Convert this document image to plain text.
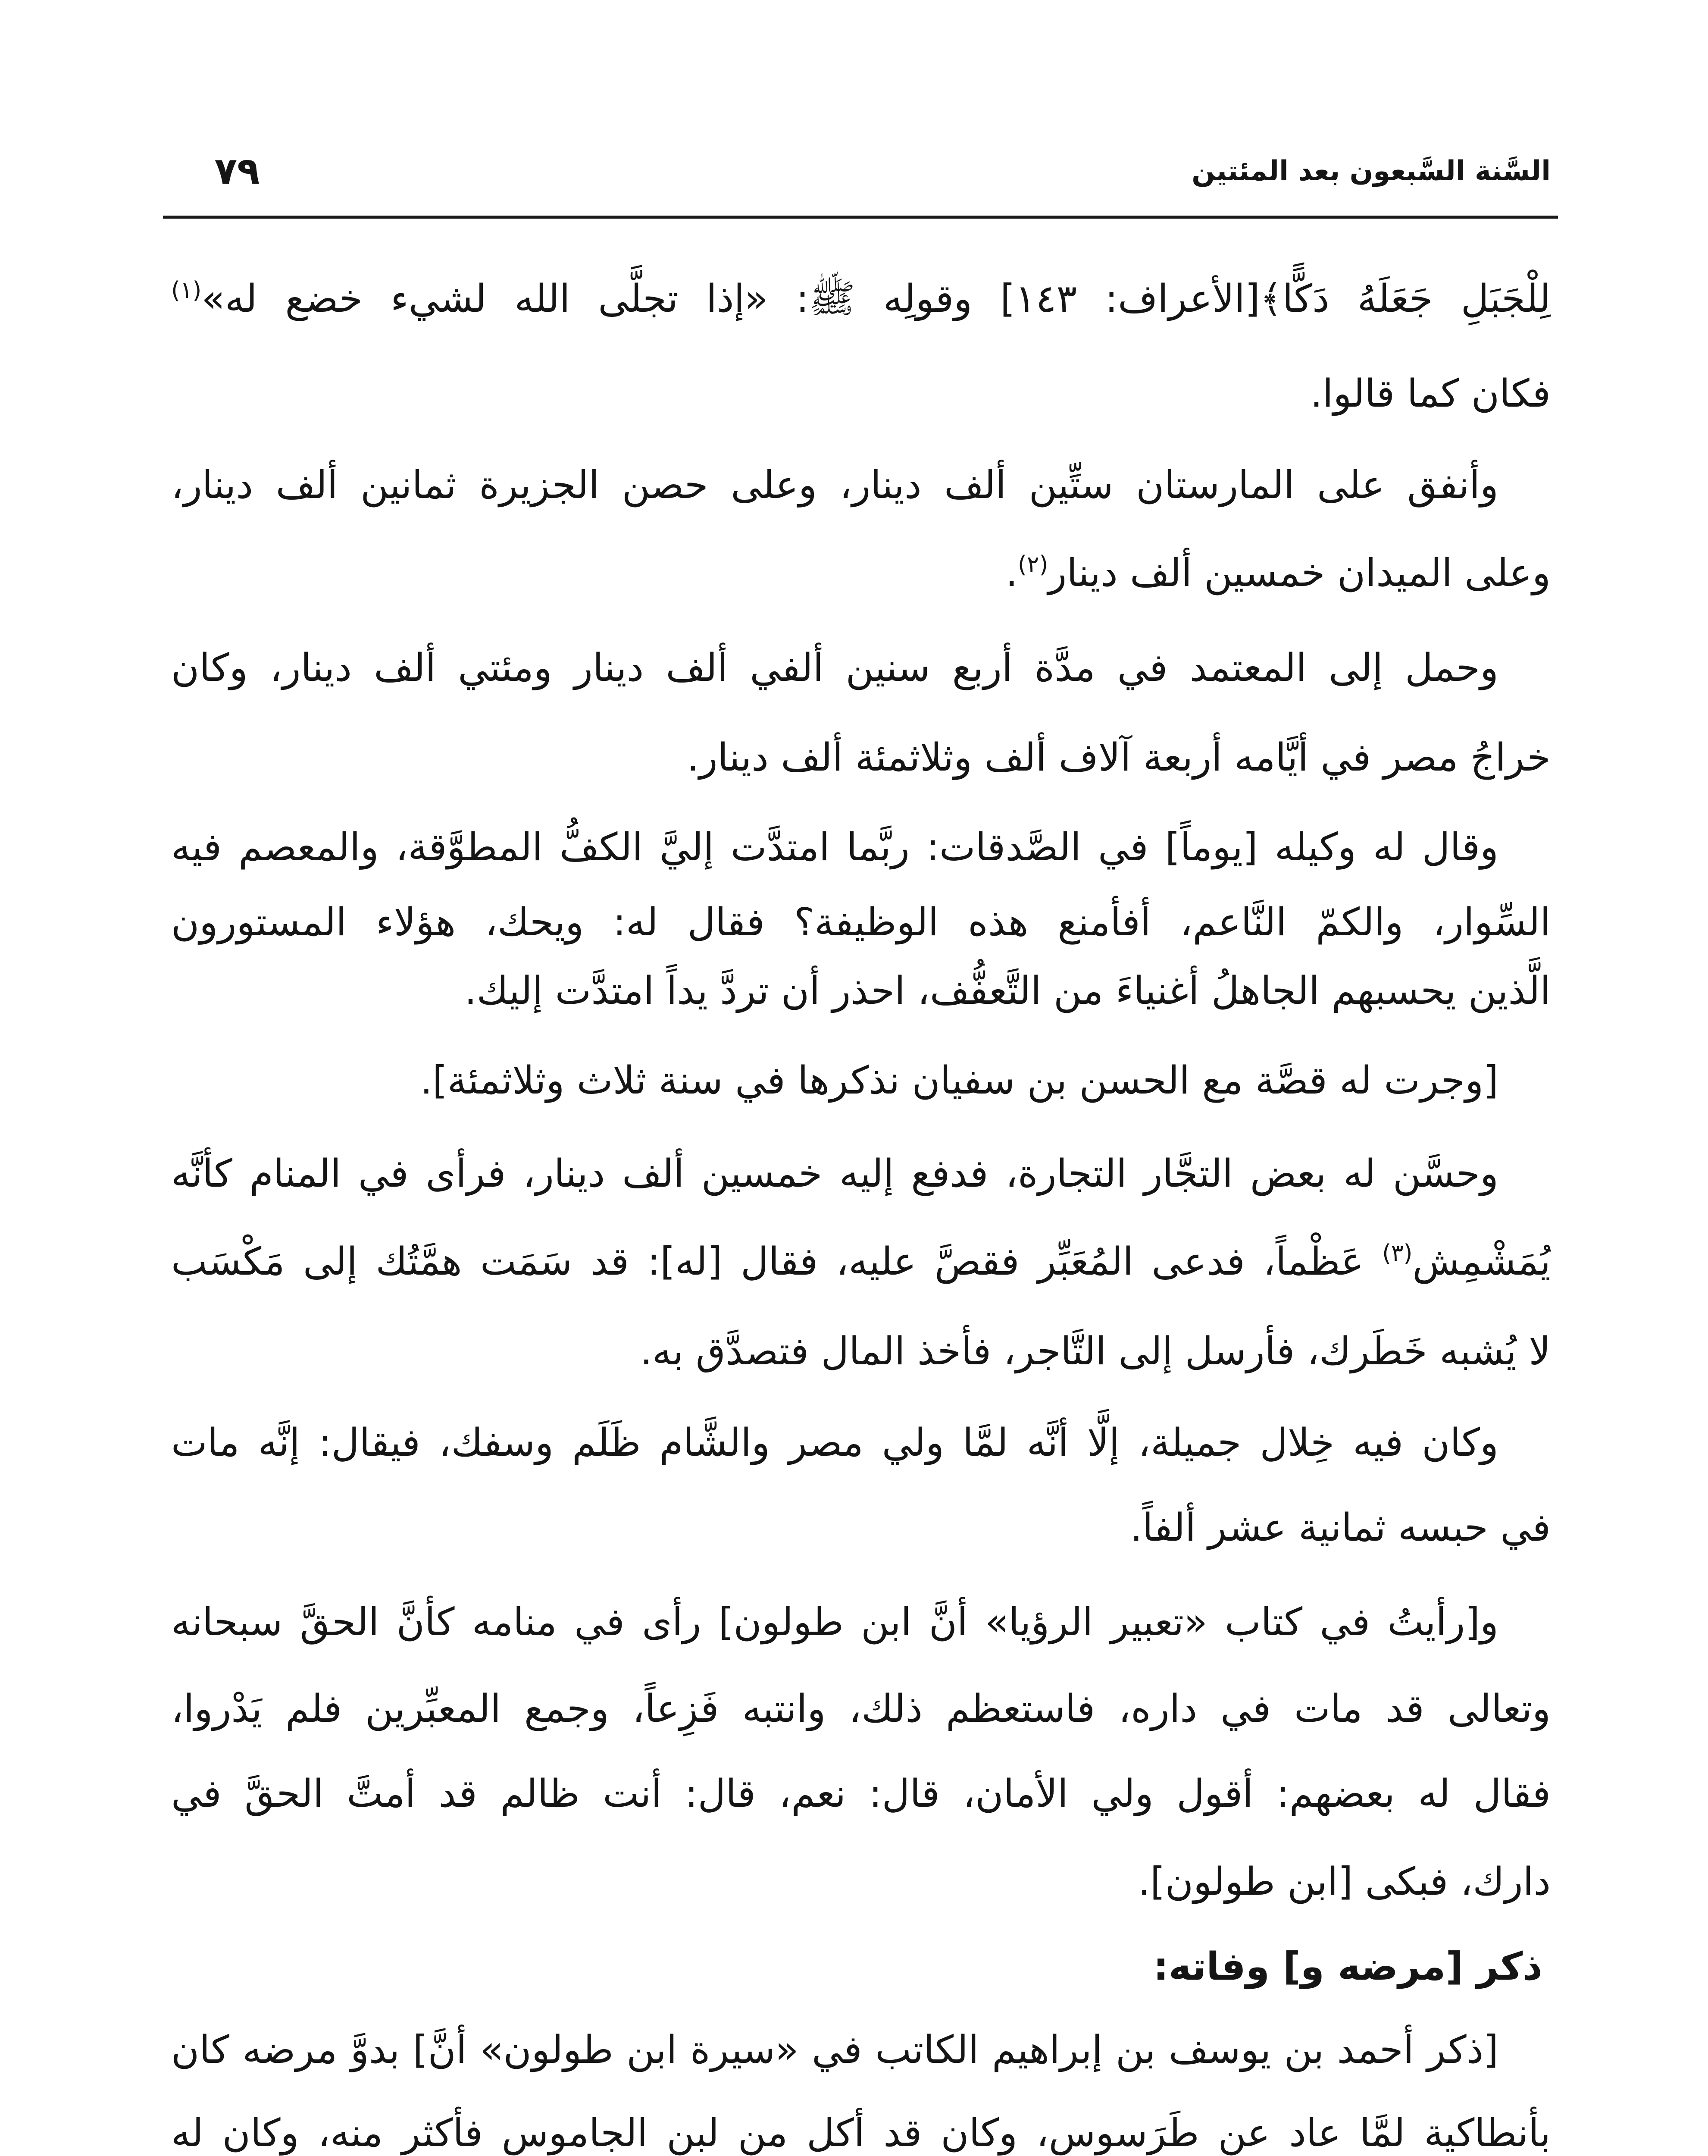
السَّنة السَّبعون بعد المئتين
٧٩
لِلْجَبَلِ جَعَلَهُ دَكًّا﴾[الأعراف: ١٤٣] وقولِه ﷺ: «إذا تجلَّى الله لشيء خضع له»$^{(١)}$
فكان كما قالوا.
وأنفق على المارستان ستِّين ألف دينار، وعلى حصن الجزيرة ثمانين ألف دينار،
وعلى الميدان خمسين ألف دينار$^{(٢)}$.
وحمل إلى المعتمد في مدَّة أربع سنين ألفي ألف دينار ومئتي ألف دينار، وكان
خراجُ مصر في أيَّامه أربعة آلاف ألف وثلاثمئة ألف دينار.
وقال له وكيله [يوماً] في الصَّدقات: ربَّما امتدَّت إليَّ الكفُّ المطوَّقة، والمعصم فيه
السِّوار، والكمّ النَّاعم، أفأمنع هذه الوظيفة؟ فقال له: ويحك، هؤلاء المستورون
الَّذين يحسبهم الجاهلُ أغنياءَ من التَّعفُّف، احذر أن تردَّ يداً امتدَّت إليك.
[وجرت له قصَّة مع الحسن بن سفيان نذكرها في سنة ثلاث وثلاثمئة].
وحسَّن له بعض التجَّار التجارة، فدفع إليه خمسين ألف دينار، فرأى في المنام كأنَّه
يُمَشْمِش$^{(٣)}$ عَظْماً، فدعى المُعَبِّر فقصَّ عليه، فقال [له]: قد سَمَت همَّتُك إلى مَكْسَب
لا يُشبه خَطَرك، فأرسل إلى التَّاجر، فأخذ المال فتصدَّق به.
وكان فيه خِلال جميلة، إلَّا أنَّه لمَّا ولي مصر والشَّام ظَلَم وسفك، فيقال: إنَّه مات
في حبسه ثمانية عشر ألفاً.
و[رأيتُ في كتاب «تعبير الرؤيا» أنَّ ابن طولون] رأى في منامه كأنَّ الحقَّ سبحانه
وتعالى قد مات في داره، فاستعظم ذلك، وانتبه فَزِعاً، وجمع المعبِّرين فلم يَدْروا،
فقال له بعضهم: أقول ولي الأمان، قال: نعم، قال: أنت ظالم قد أمتَّ الحقَّ في
دارك، فبكى [ابن طولون].
ذكر [مرضه و] وفاته:
[ذكر أحمد بن يوسف بن إبراهيم الكاتب في «سيرة ابن طولون» أنَّ] بدوَّ مرضه كان
بأنطاكية لمَّا عاد عن طَرَسوس، وكان قد أكل من لبن الجاموس فأكثر منه، وكان له
